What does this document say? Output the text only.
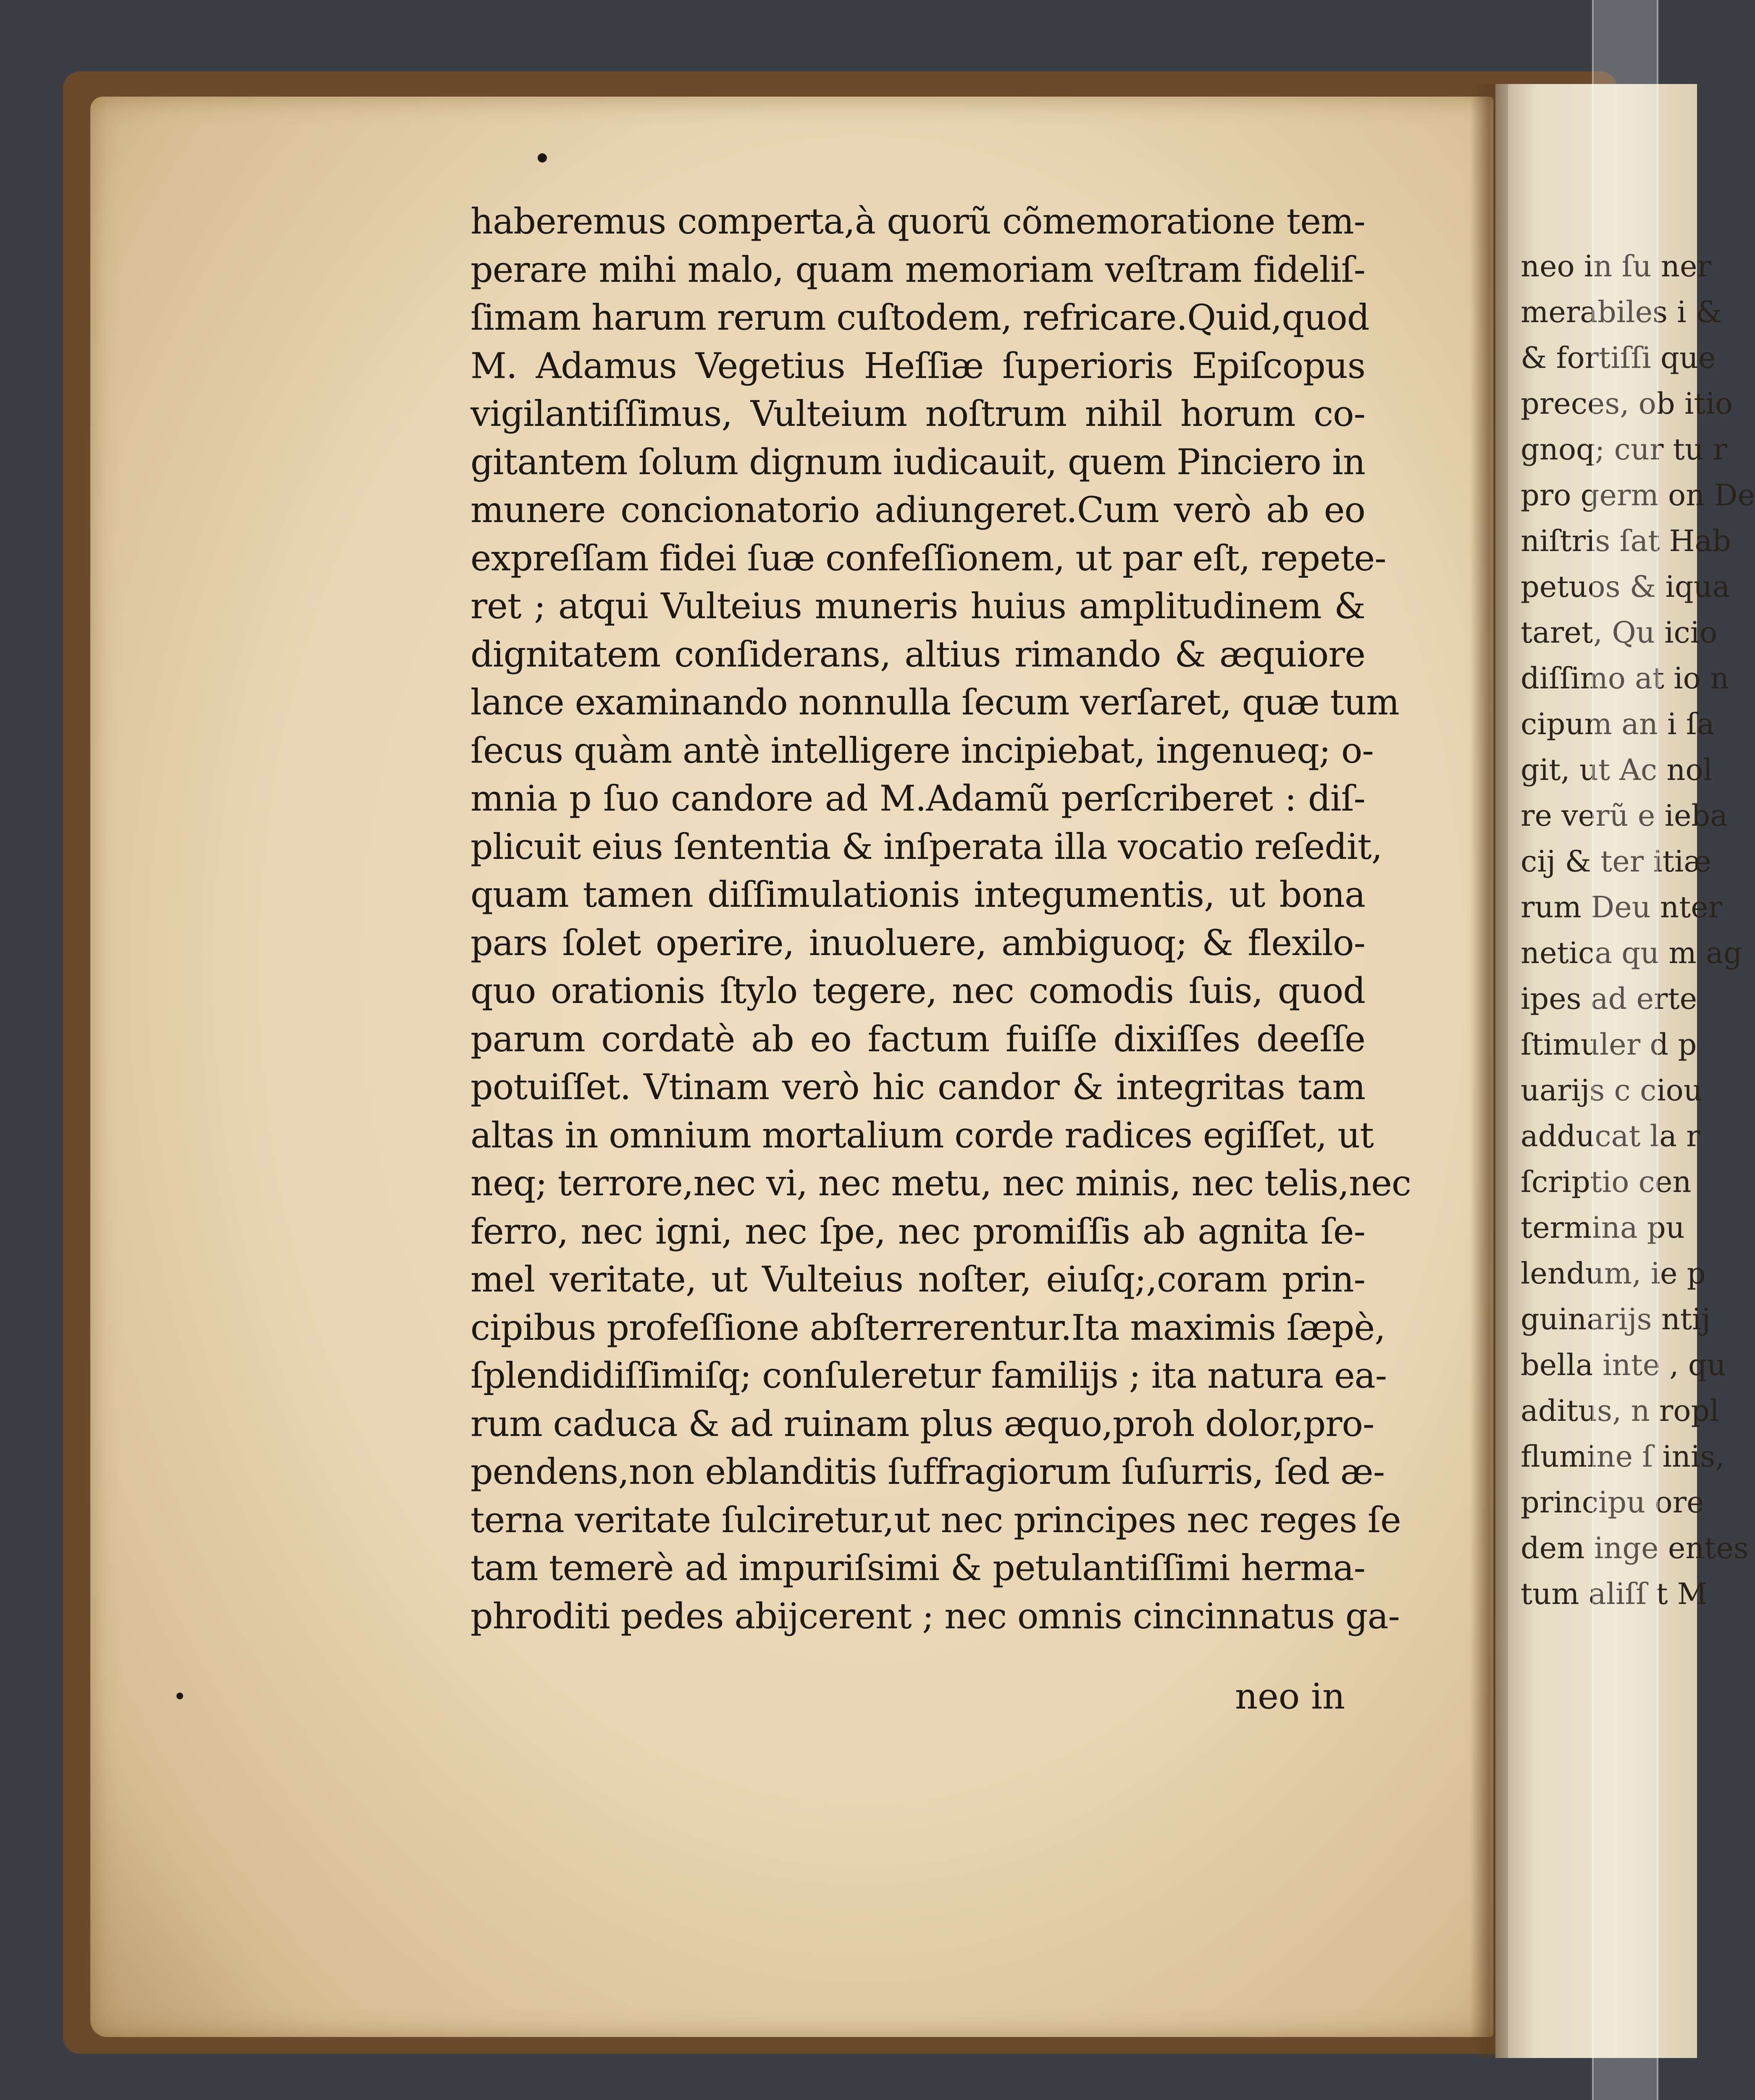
neo in ſu ner
merabiles i &
& fortiſſi que
preces, ob itio
gnoq; cur tu r
pro germ on De
niſtris ſat Hab
petuos & iqua
taret, Qu icio
diſſimo at io n
cipum an i ſa
git, ut Ac nol
re verũ e ieba
cij & ter itiæ
rum Deu nter
netica qu m ag
ipes ad erte
ſtimuler d p
uarijs c ciou
adducat la r
ſcriptio cen
termina pu
lendum, ie p
guinarijs ntij
bella inte , qu
aditus, n ropl
flumine ſ inis,
principu ore
dem inge entes
tum aliſſ t M
haberemus comperta,à quorũ cõmemoratione tem-
perare mihi malo, quam memoriam veſtram fideliſ-
ſimam harum rerum cuſtodem, refricare.Quid,quod
M. Adamus Vegetius Heſſiæ ſuperioris Epiſcopus
vigilantiſſimus, Vulteium noſtrum nihil horum co-
gitantem ſolum dignum iudicauit, quem Pinciero in
munere concionatorio adiungeret.Cum verò ab eo
expreſſam fidei ſuæ confeſſionem, ut par eſt, repete-
ret ; atqui Vulteius muneris huius amplitudinem &
dignitatem conſiderans, altius rimando & æquiore
lance examinando nonnulla ſecum verſaret, quæ tum
ſecus quàm antè intelligere incipiebat, ingenueq; o-
mnia p ſuo candore ad M.Adamũ perſcriberet : diſ-
plicuit eius ſententia & inſperata illa vocatio reſedit,
quam tamen diſſimulationis integumentis, ut bona
pars ſolet operire, inuoluere, ambiguoq; & flexilo-
quo orationis ſtylo tegere, nec comodis ſuis, quod
parum cordatè ab eo factum fuiſſe dixiſſes deeſſe
potuiſſet. Vtinam verò hic candor & integritas tam
altas in omnium mortalium corde radices egiſſet, ut
neq; terrore,nec vi, nec metu, nec minis, nec telis,nec
ferro, nec igni, nec ſpe, nec promiſſis ab agnita ſe-
mel veritate, ut Vulteius noſter, eiuſq;,coram prin-
cipibus profeſſione abſterrerentur.Ita maximis ſæpè,
ſplendidiſſimiſq; conſuleretur familijs ; ita natura ea-
rum caduca & ad ruinam plus æquo,proh dolor,pro-
pendens,non eblanditis ſuffragiorum ſuſurris, ſed æ-
terna veritate ſulciretur,ut nec principes nec reges ſe
tam temerè ad impuriſsimi & petulantiſſimi herma-
phroditi pedes abijcerent ; nec omnis cincinnatus ga-
neo in
